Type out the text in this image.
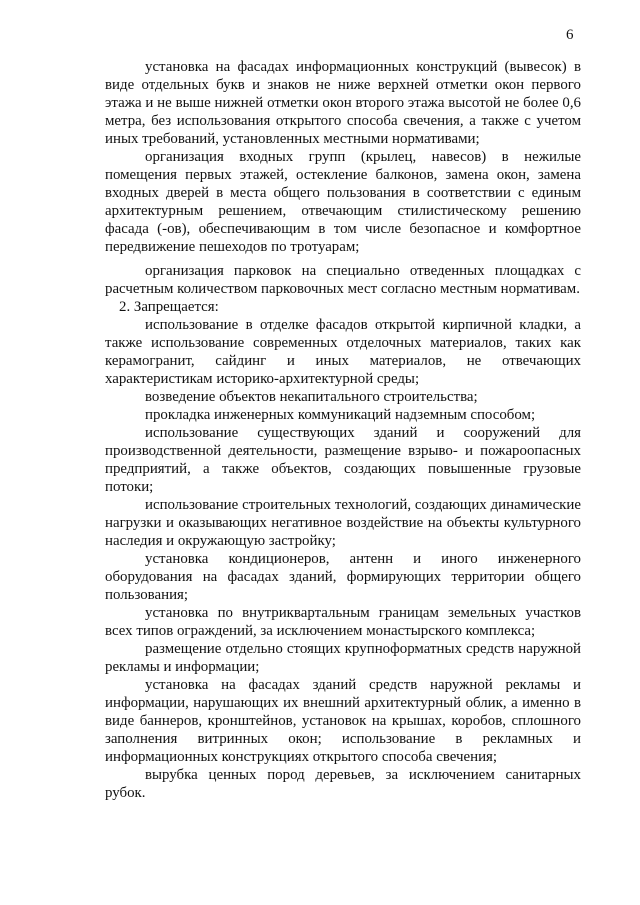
6

установка на фасадах информационных конструкций (вывесок) в виде отдельных букв и знаков не ниже верхней отметки окон первого этажа и не выше нижней отметки окон второго этажа высотой не более 0,6 метра, без использования открытого способа свечения, а также с учетом иных требований, установленных местными нормативами;

организация входных групп (крылец, навесов) в нежилые помещения первых этажей, остекление балконов, замена окон, замена входных дверей в места общего пользования в соответствии с единым архитектурным решением, отвечающим стилистическому решению фасада (-ов), обеспечивающим в том числе безопасное и комфортное передвижение пешеходов по тротуарам;

организация парковок на специально отведенных площадках с расчетным количеством парковочных мест согласно местным нормативам.

2. Запрещается:

использование в отделке фасадов открытой кирпичной кладки, а также использование современных отделочных материалов, таких как керамогранит, сайдинг и иных материалов, не отвечающих характеристикам историко-архитектурной среды;

возведение объектов некапитального строительства;

прокладка инженерных коммуникаций надземным способом;

использование существующих зданий и сооружений для производственной деятельности, размещение взрыво- и пожароопасных предприятий, а также объектов, создающих повышенные грузовые потоки;

использование строительных технологий, создающих динамические нагрузки и оказывающих негативное воздействие на объекты культурного наследия и окружающую застройку;

установка кондиционеров, антенн и иного инженерного оборудования на фасадах зданий, формирующих территории общего пользования;

установка по внутриквартальным границам земельных участков всех типов ограждений, за исключением монастырского комплекса;

размещение отдельно стоящих крупноформатных средств наружной рекламы и информации;

установка на фасадах зданий средств наружной рекламы и информации, нарушающих их внешний архитектурный облик, а именно в виде баннеров, кронштейнов, установок на крышах, коробов, сплошного заполнения витринных окон; использование в рекламных и информационных конструкциях открытого способа свечения;

вырубка ценных пород деревьев, за исключением санитарных рубок.
